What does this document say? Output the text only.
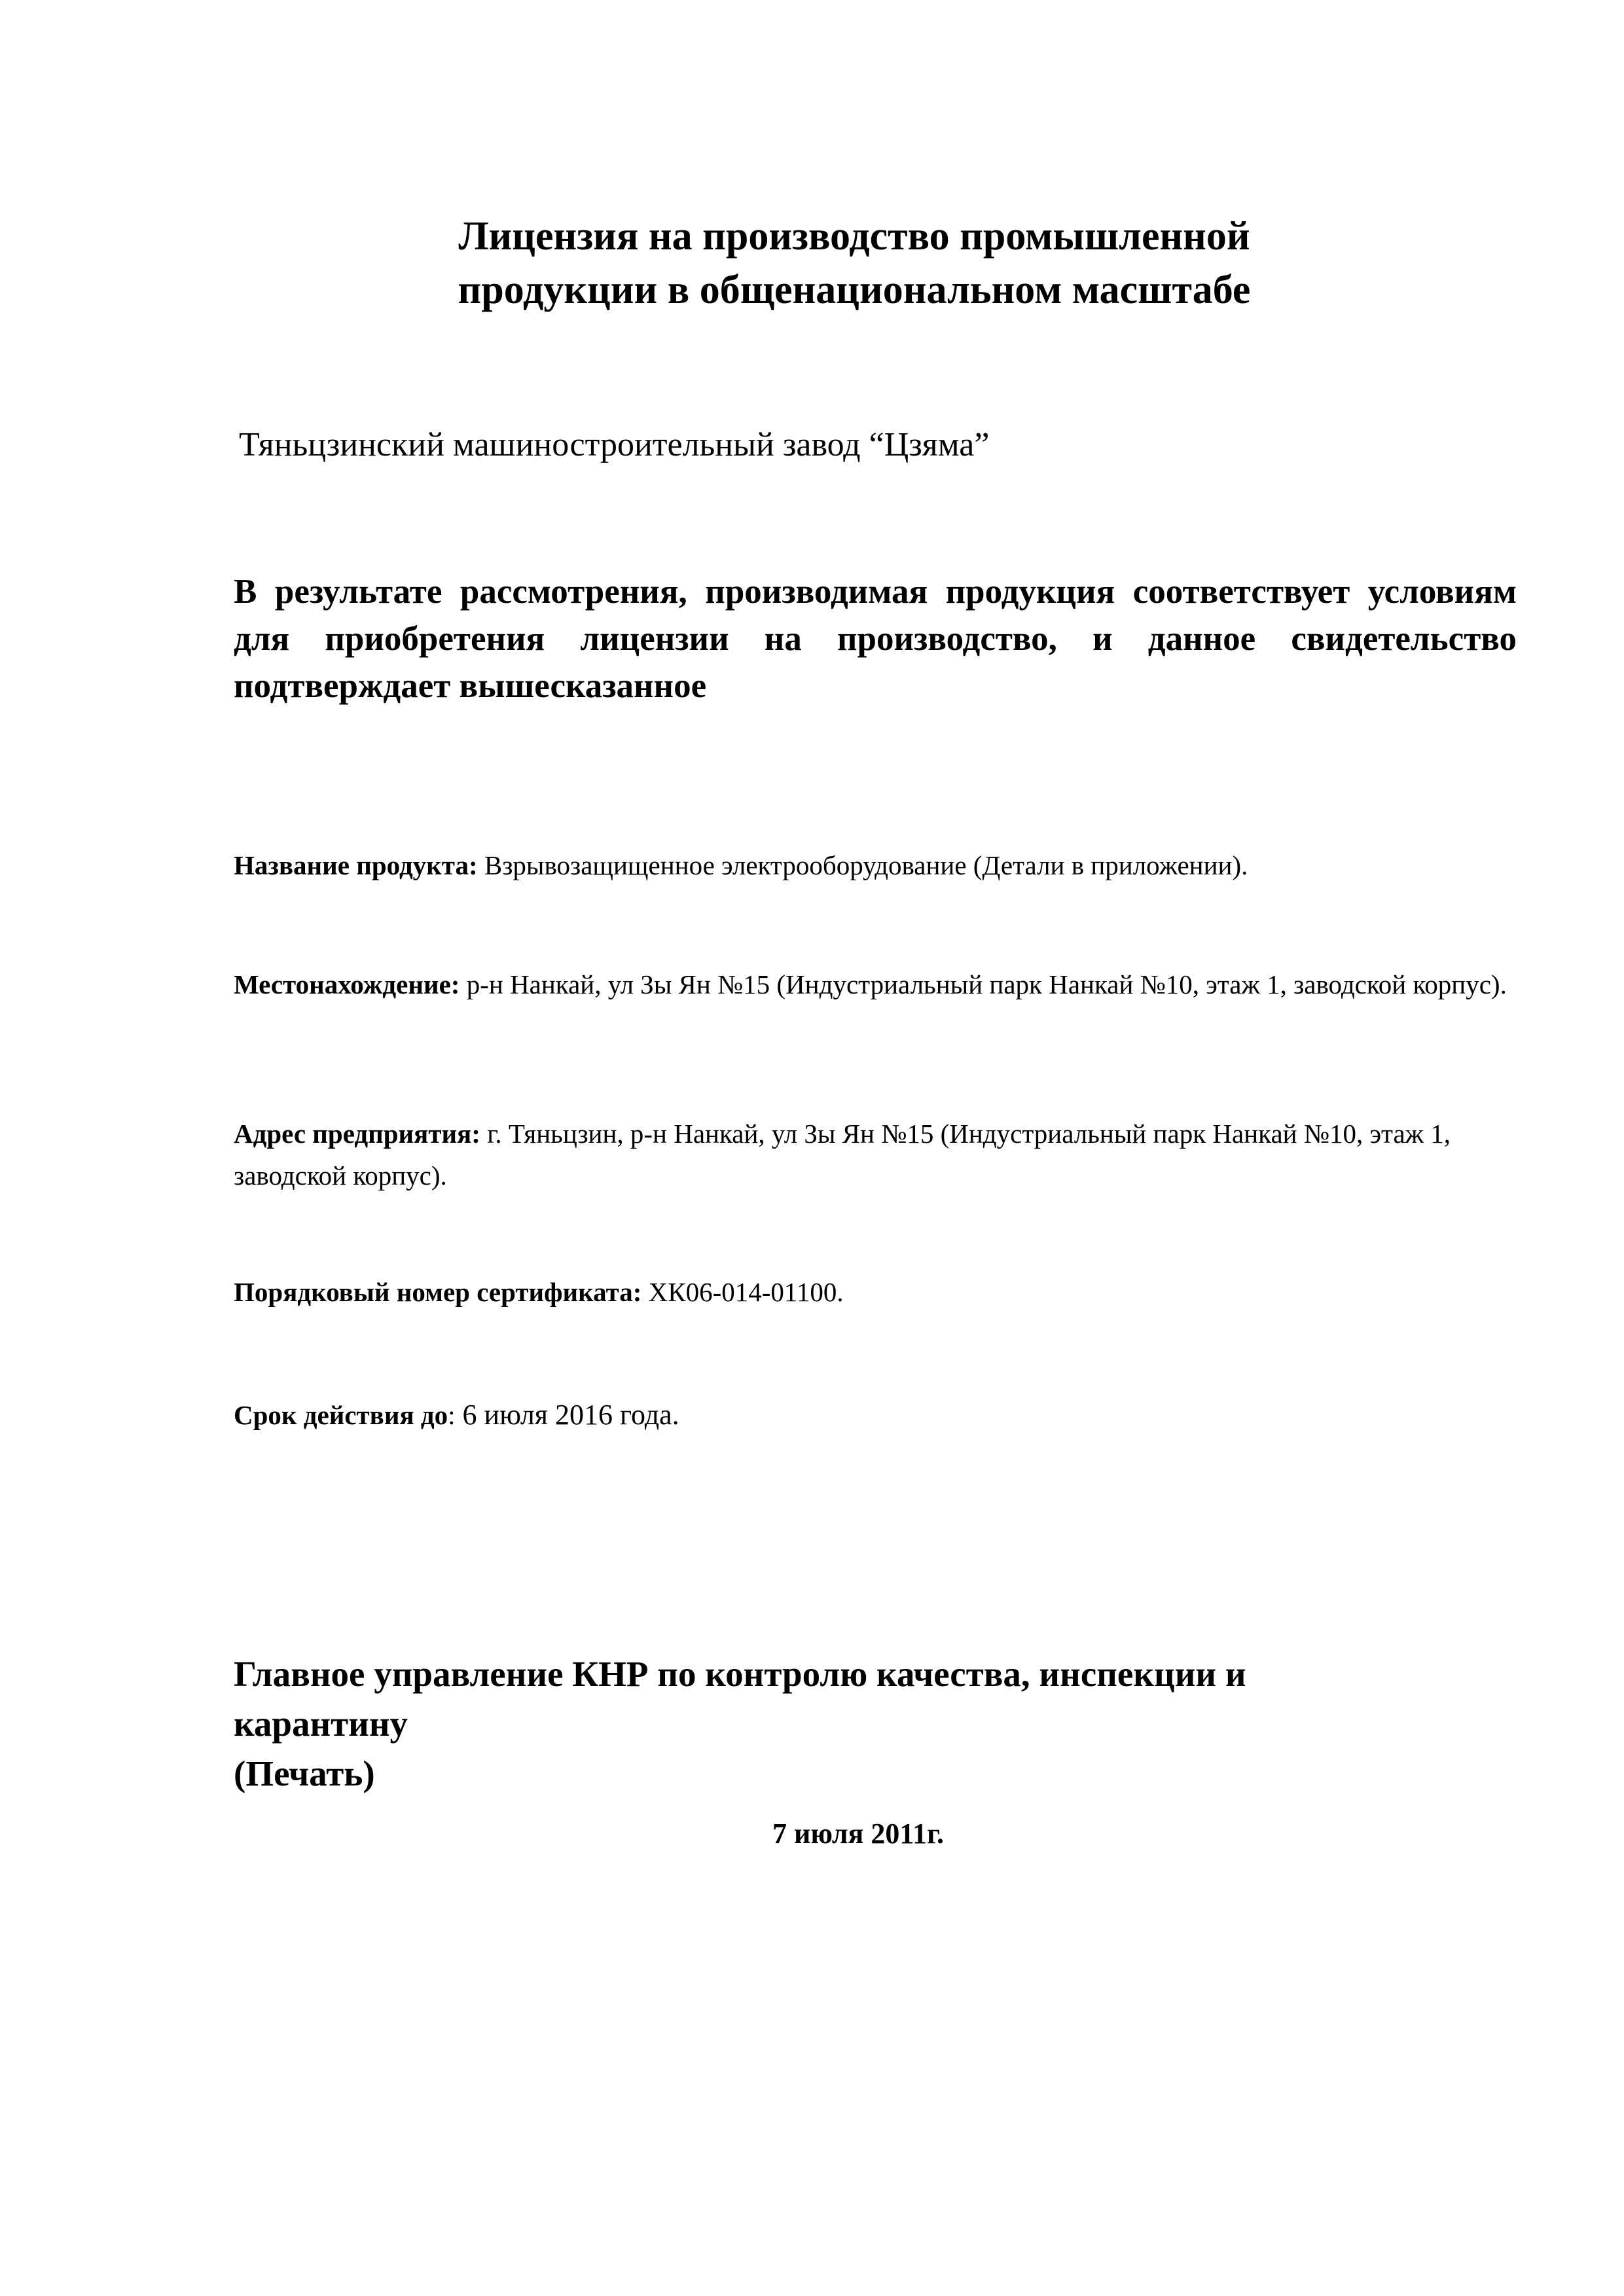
Лицензия на производство промышленной
продукции в общенациональном масштабе

Тяньцзинский машиностроительный завод “Цзяма”

В результате рассмотрения, производимая продукция соответствует условиям для приобретения лицензии на производство, и данное свидетельство подтверждает вышесказанное

Название продукта: Взрывозащищенное электрооборудование (Детали в приложении).

Местонахождение: р-н Нанкай, ул Зы Ян №15 (Индустриальный парк Нанкай №10, этаж 1, заводской корпус).

Адрес предприятия: г. Тяньцзин, р-н Нанкай, ул Зы Ян №15 (Индустриальный парк Нанкай №10, этаж 1, заводской корпус).

Порядковый номер сертификата: ХК06-014-01100.

Срок действия до: 6 июля 2016 года.

Главное управление КНР по контролю качества, инспекции и
карантину
(Печать)

7 июля 2011г.
